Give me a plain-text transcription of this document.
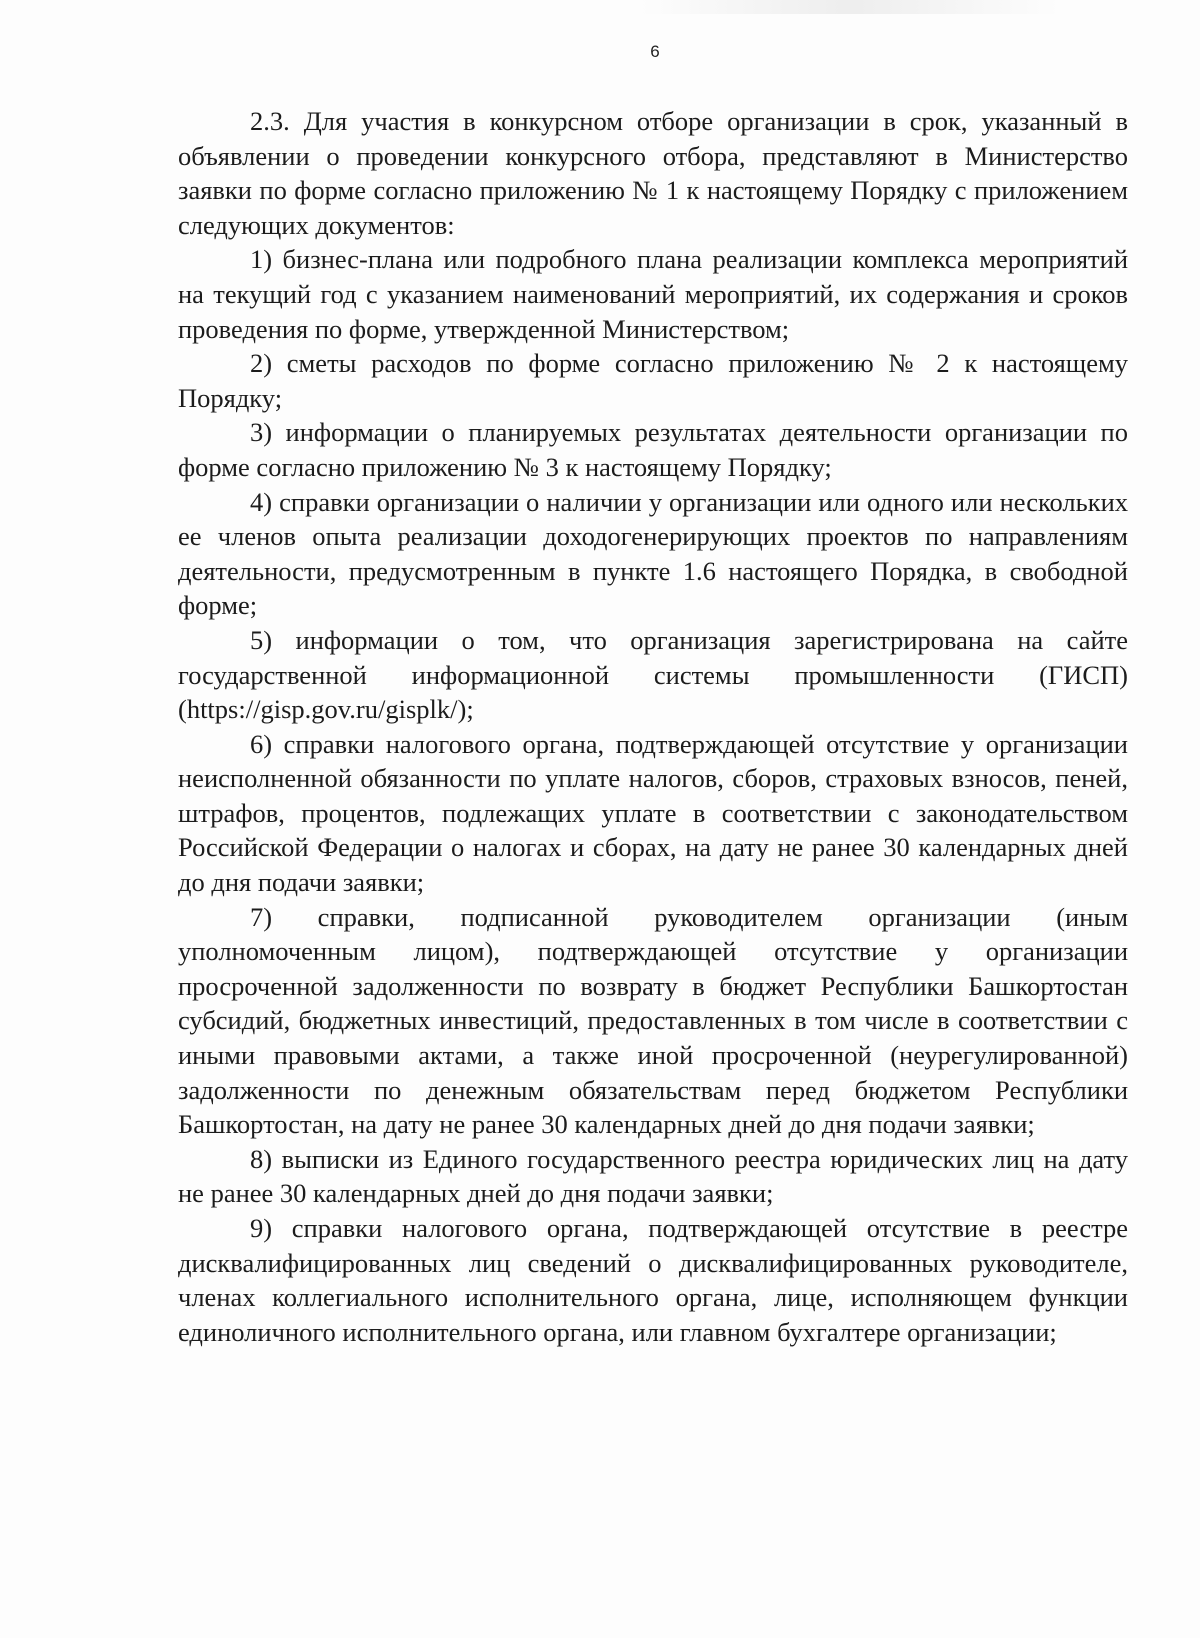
6

2.3. Для участия в конкурсном отборе организации в срок, указанный в объявлении о проведении конкурсного отбора, представляют в Министерство заявки по форме согласно приложению № 1 к настоящему Порядку с приложением следующих документов:

1) бизнес-плана или подробного плана реализации комплекса мероприятий на текущий год с указанием наименований мероприятий, их содержания и сроков проведения по форме, утвержденной Министерством;

2) сметы расходов по форме согласно приложению № 2 к настоящему Порядку;

3) информации о планируемых результатах деятельности организации по форме согласно приложению № 3 к настоящему Порядку;

4) справки организации о наличии у организации или одного или нескольких ее членов опыта реализации доходогенерирующих проектов по направлениям деятельности, предусмотренным в пункте 1.6 настоящего Порядка, в свободной форме;

5) информации о том, что организация зарегистрирована на сайте государственной информационной системы промышленности (ГИСП) (https://gisp.gov.ru/gisplk/);

6) справки налогового органа, подтверждающей отсутствие у организации неисполненной обязанности по уплате налогов, сборов, страховых взносов, пеней, штрафов, процентов, подлежащих уплате в соответствии с законодательством Российской Федерации о налогах и сборах, на дату не ранее 30 календарных дней до дня подачи заявки;

7) справки, подписанной руководителем организации (иным уполномоченным лицом), подтверждающей отсутствие у организации просроченной задолженности по возврату в бюджет Республики Башкортостан субсидий, бюджетных инвестиций, предоставленных в том числе в соответствии с иными правовыми актами, а также иной просроченной (неурегулированной) задолженности по денежным обязательствам перед бюджетом Республики Башкортостан, на дату не ранее 30 календарных дней до дня подачи заявки;

8) выписки из Единого государственного реестра юридических лиц на дату не ранее 30 календарных дней до дня подачи заявки;

9) справки налогового органа, подтверждающей отсутствие в реестре дисквалифицированных лиц сведений о дисквалифицированных руководителе, членах коллегиального исполнительного органа, лице, исполняющем функции единоличного исполнительного органа, или главном бухгалтере организации;
